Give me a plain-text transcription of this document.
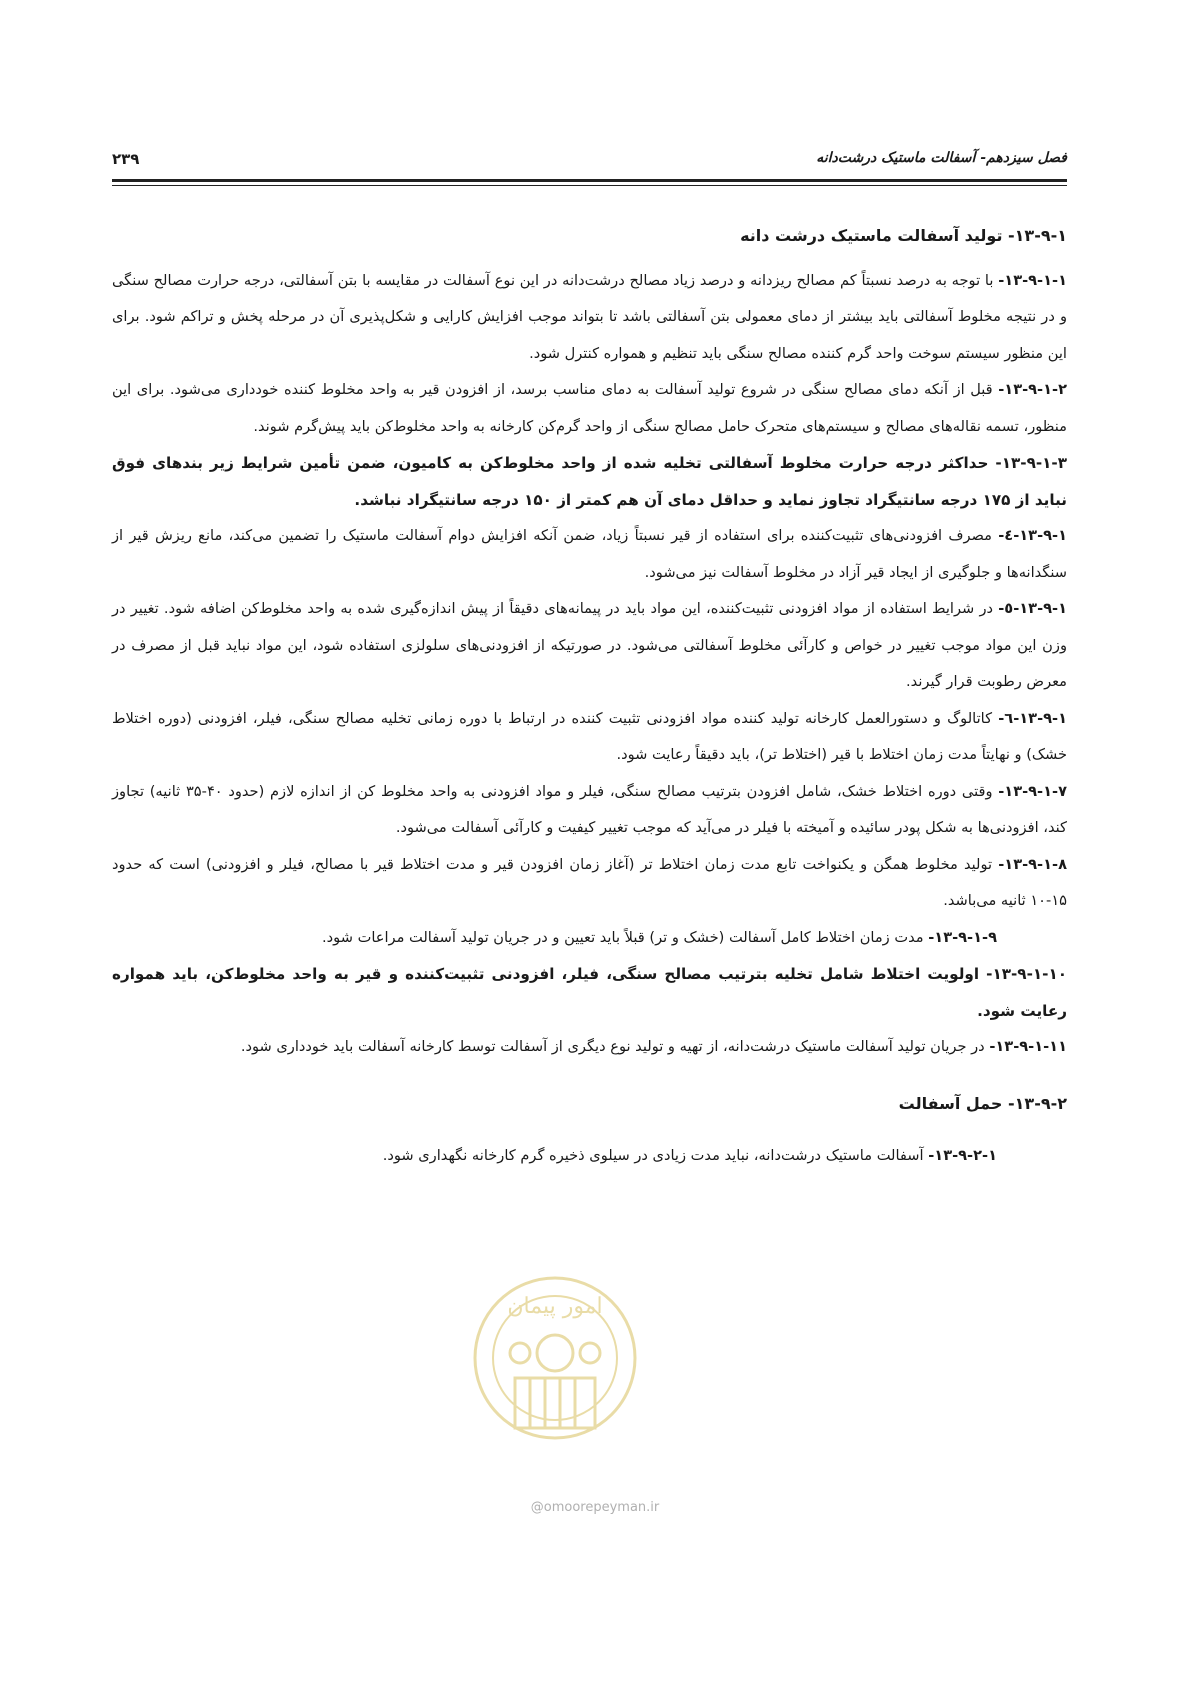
فصل سیزدهم- آسفالت ماستیک درشت‌دانه
۲۳۹

۱۳-۹-۱- تولید آسفالت ماستیک درشت دانه

۱۳-۹-۱-۱- با توجه به درصد نسبتاً کم مصالح ریزدانه و درصد زیاد مصالح درشت‌دانه در این نوع آسفالت در مقایسه با بتن آسفالتی، درجه حرارت مصالح سنگی و در نتیجه مخلوط آسفالتی باید بیشتر از دمای معمولی بتن آسفالتی باشد تا بتواند موجب افزایش کارایی و شکل‌پذیری آن در مرحله پخش و تراکم شود. برای این منظور سیستم سوخت واحد گرم کننده مصالح سنگی باید تنظیم و همواره کنترل شود.

۱۳-۹-۱-۲- قبل از آنکه دمای مصالح سنگی در شروع تولید آسفالت به دمای مناسب برسد، از افزودن قیر به واحد مخلوط کننده خودداری می‌شود. برای این منظور، تسمه نقاله‌های مصالح و سیستم‌های متحرک حامل مصالح سنگی از واحد گرم‌کن کارخانه به واحد مخلوط‌کن باید پیش‌گرم شوند.

۱۳-۹-۱-۳- حداکثر درجه حرارت مخلوط آسفالتی تخلیه شده از واحد مخلوط‌کن به کامیون، ضمن تأمین شرایط زیر بندهای فوق نباید از ۱۷۵ درجه سانتیگراد تجاوز نماید و حداقل دمای آن هم کمتر از ۱۵۰ درجه سانتیگراد نباشد.

۱۳-۹-۱-٤- مصرف افزودنی‌های تثبیت‌کننده برای استفاده از قیر نسبتاً زیاد، ضمن آنکه افزایش دوام آسفالت ماستیک را تضمین می‌کند، مانع ریزش قیر از سنگدانه‌ها و جلوگیری از ایجاد قیر آزاد در مخلوط آسفالت نیز می‌شود.

۱۳-۹-۱-٥- در شرایط استفاده از مواد افزودنی تثبیت‌کننده، این مواد باید در پیمانه‌های دقیقاً از پیش اندازه‌گیری شده به واحد مخلوط‌کن اضافه شود. تغییر در وزن این مواد موجب تغییر در خواص و کارآئی مخلوط آسفالتی می‌شود. در صورتیکه از افزودنی‌های سلولزی استفاده شود، این مواد نباید قبل از مصرف در معرض رطوبت قرار گیرند.

۱۳-۹-۱-٦- کاتالوگ و دستورالعمل کارخانه تولید کننده مواد افزودنی تثبیت کننده در ارتباط با دوره زمانی تخلیه مصالح سنگی، فیلر، افزودنی (دوره اختلاط خشک) و نهایتاً مدت زمان اختلاط با قیر (اختلاط تر)، باید دقیقاً رعایت شود.

۱۳-۹-۱-۷- وقتی دوره اختلاط خشک، شامل افزودن بترتیب مصالح سنگی، فیلر و مواد افزودنی به واحد مخلوط کن از اندازه لازم (حدود ۴۰-۳۵ ثانیه) تجاوز کند، افزودنی‌ها به شکل پودر سائیده و آمیخته با فیلر در می‌آید که موجب تغییر کیفیت و کارآئی آسفالت می‌شود.

۱۳-۹-۱-۸- تولید مخلوط همگن و یکنواخت تابع مدت زمان اختلاط تر (آغاز زمان افزودن قیر و مدت اختلاط قیر با مصالح، فیلر و افزودنی) است که حدود ۱۵-۱۰ ثانیه می‌باشد.

۱۳-۹-۱-۹- مدت زمان اختلاط کامل آسفالت (خشک و تر) قبلاً باید تعیین و در جریان تولید آسفالت مراعات شود.

۱۳-۹-۱-۱۰- اولویت اختلاط شامل تخلیه بترتیب مصالح سنگی، فیلر، افزودنی تثبیت‌کننده و قیر به واحد مخلوط‌کن، باید همواره رعایت شود.

۱۳-۹-۱-۱۱- در جریان تولید آسفالت ماستیک درشت‌دانه، از تهیه و تولید نوع دیگری از آسفالت توسط کارخانه آسفالت باید خودداری شود.

۱۳-۹-۲- حمل آسفالت

۱۳-۹-۲-۱- آسفالت ماستیک درشت‌دانه، نباید مدت زیادی در سیلوی ذخیره گرم کارخانه نگهداری شود.

امور پیمان
@omoorepeyman.ir
